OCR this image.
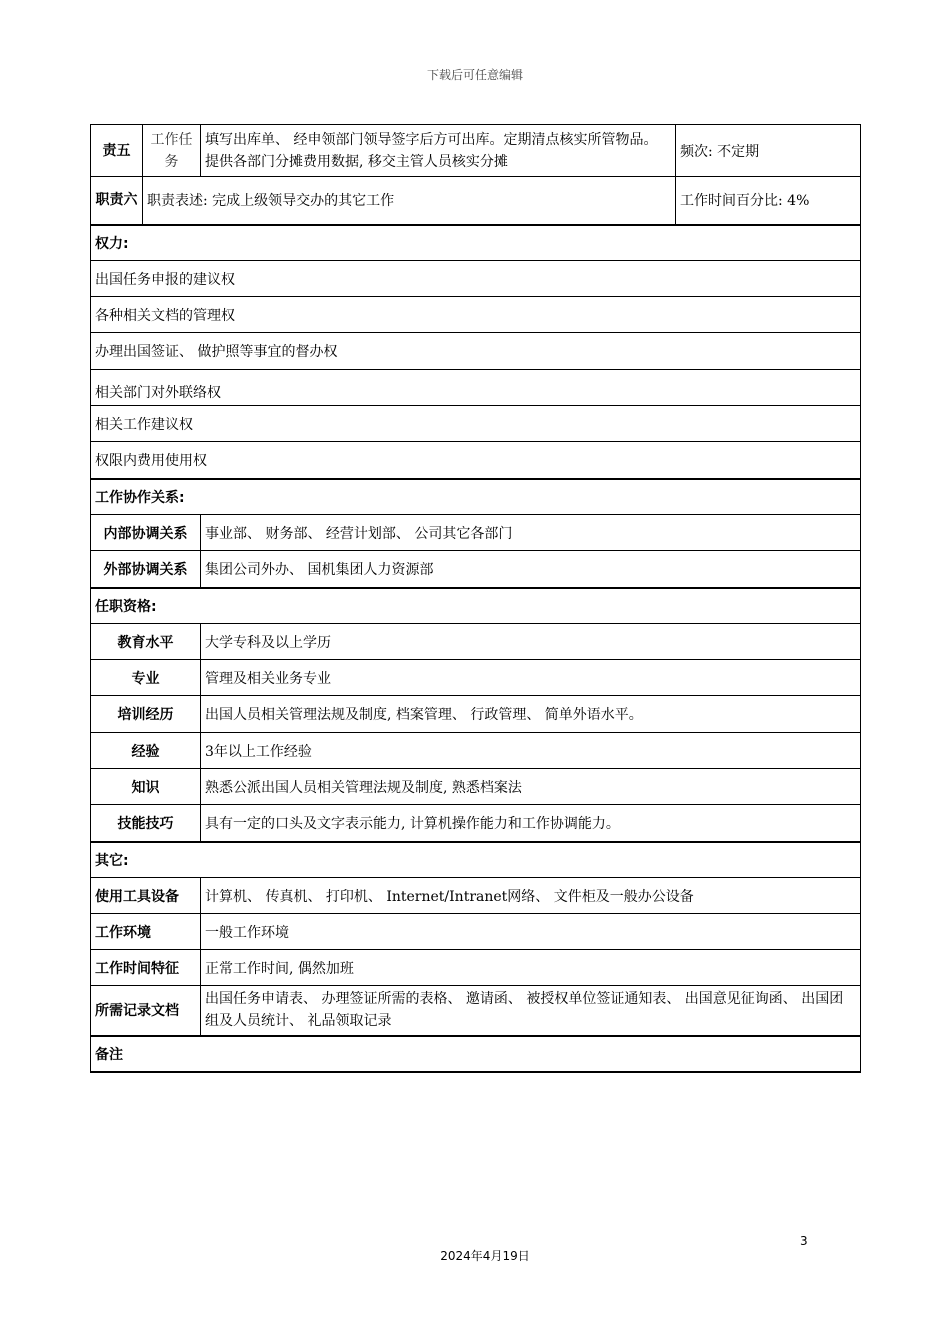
下载后可任意编辑
责五	工作任务	填写出库单、 经申领部门领导签字后方可出库。定期清点核实所管物品。提供各部门分摊费用数据, 移交主管人员核实分摊	频次: 不定期
职责六	职责表述: 完成上级领导交办的其它工作		工作时间百分比: 4%
权力:			
出国任务申报的建议权			
各种相关文档的管理权			
办理出国签证、 做护照等事宜的督办权			
相关部门对外联络权			
相关工作建议权			
权限内费用使用权			
工作协作关系:			
内部协调关系		事业部、 财务部、 经营计划部、 公司其它各部门	
外部协调关系		集团公司外办、 国机集团人力资源部	
任职资格:			
教育水平		大学专科及以上学历	
专业		管理及相关业务专业	
培训经历		出国人员相关管理法规及制度, 档案管理、 行政管理、 简单外语水平。	
经验		3年以上工作经验	
知识		熟悉公派出国人员相关管理法规及制度, 熟悉档案法	
技能技巧		具有一定的口头及文字表示能力, 计算机操作能力和工作协调能力。	
其它:			
使用工具设备		计算机、 传真机、 打印机、 Internet/Intranet网络、 文件柜及一般办公设备	
工作环境		一般工作环境	
工作时间特征		正常工作时间, 偶然加班	
所需记录文档		出国任务申请表、 办理签证所需的表格、 邀请函、 被授权单位签证通知表、 出国意见征询函、 出国团组及人员统计、 礼品领取记录	
备注			
3
2024年4月19日
